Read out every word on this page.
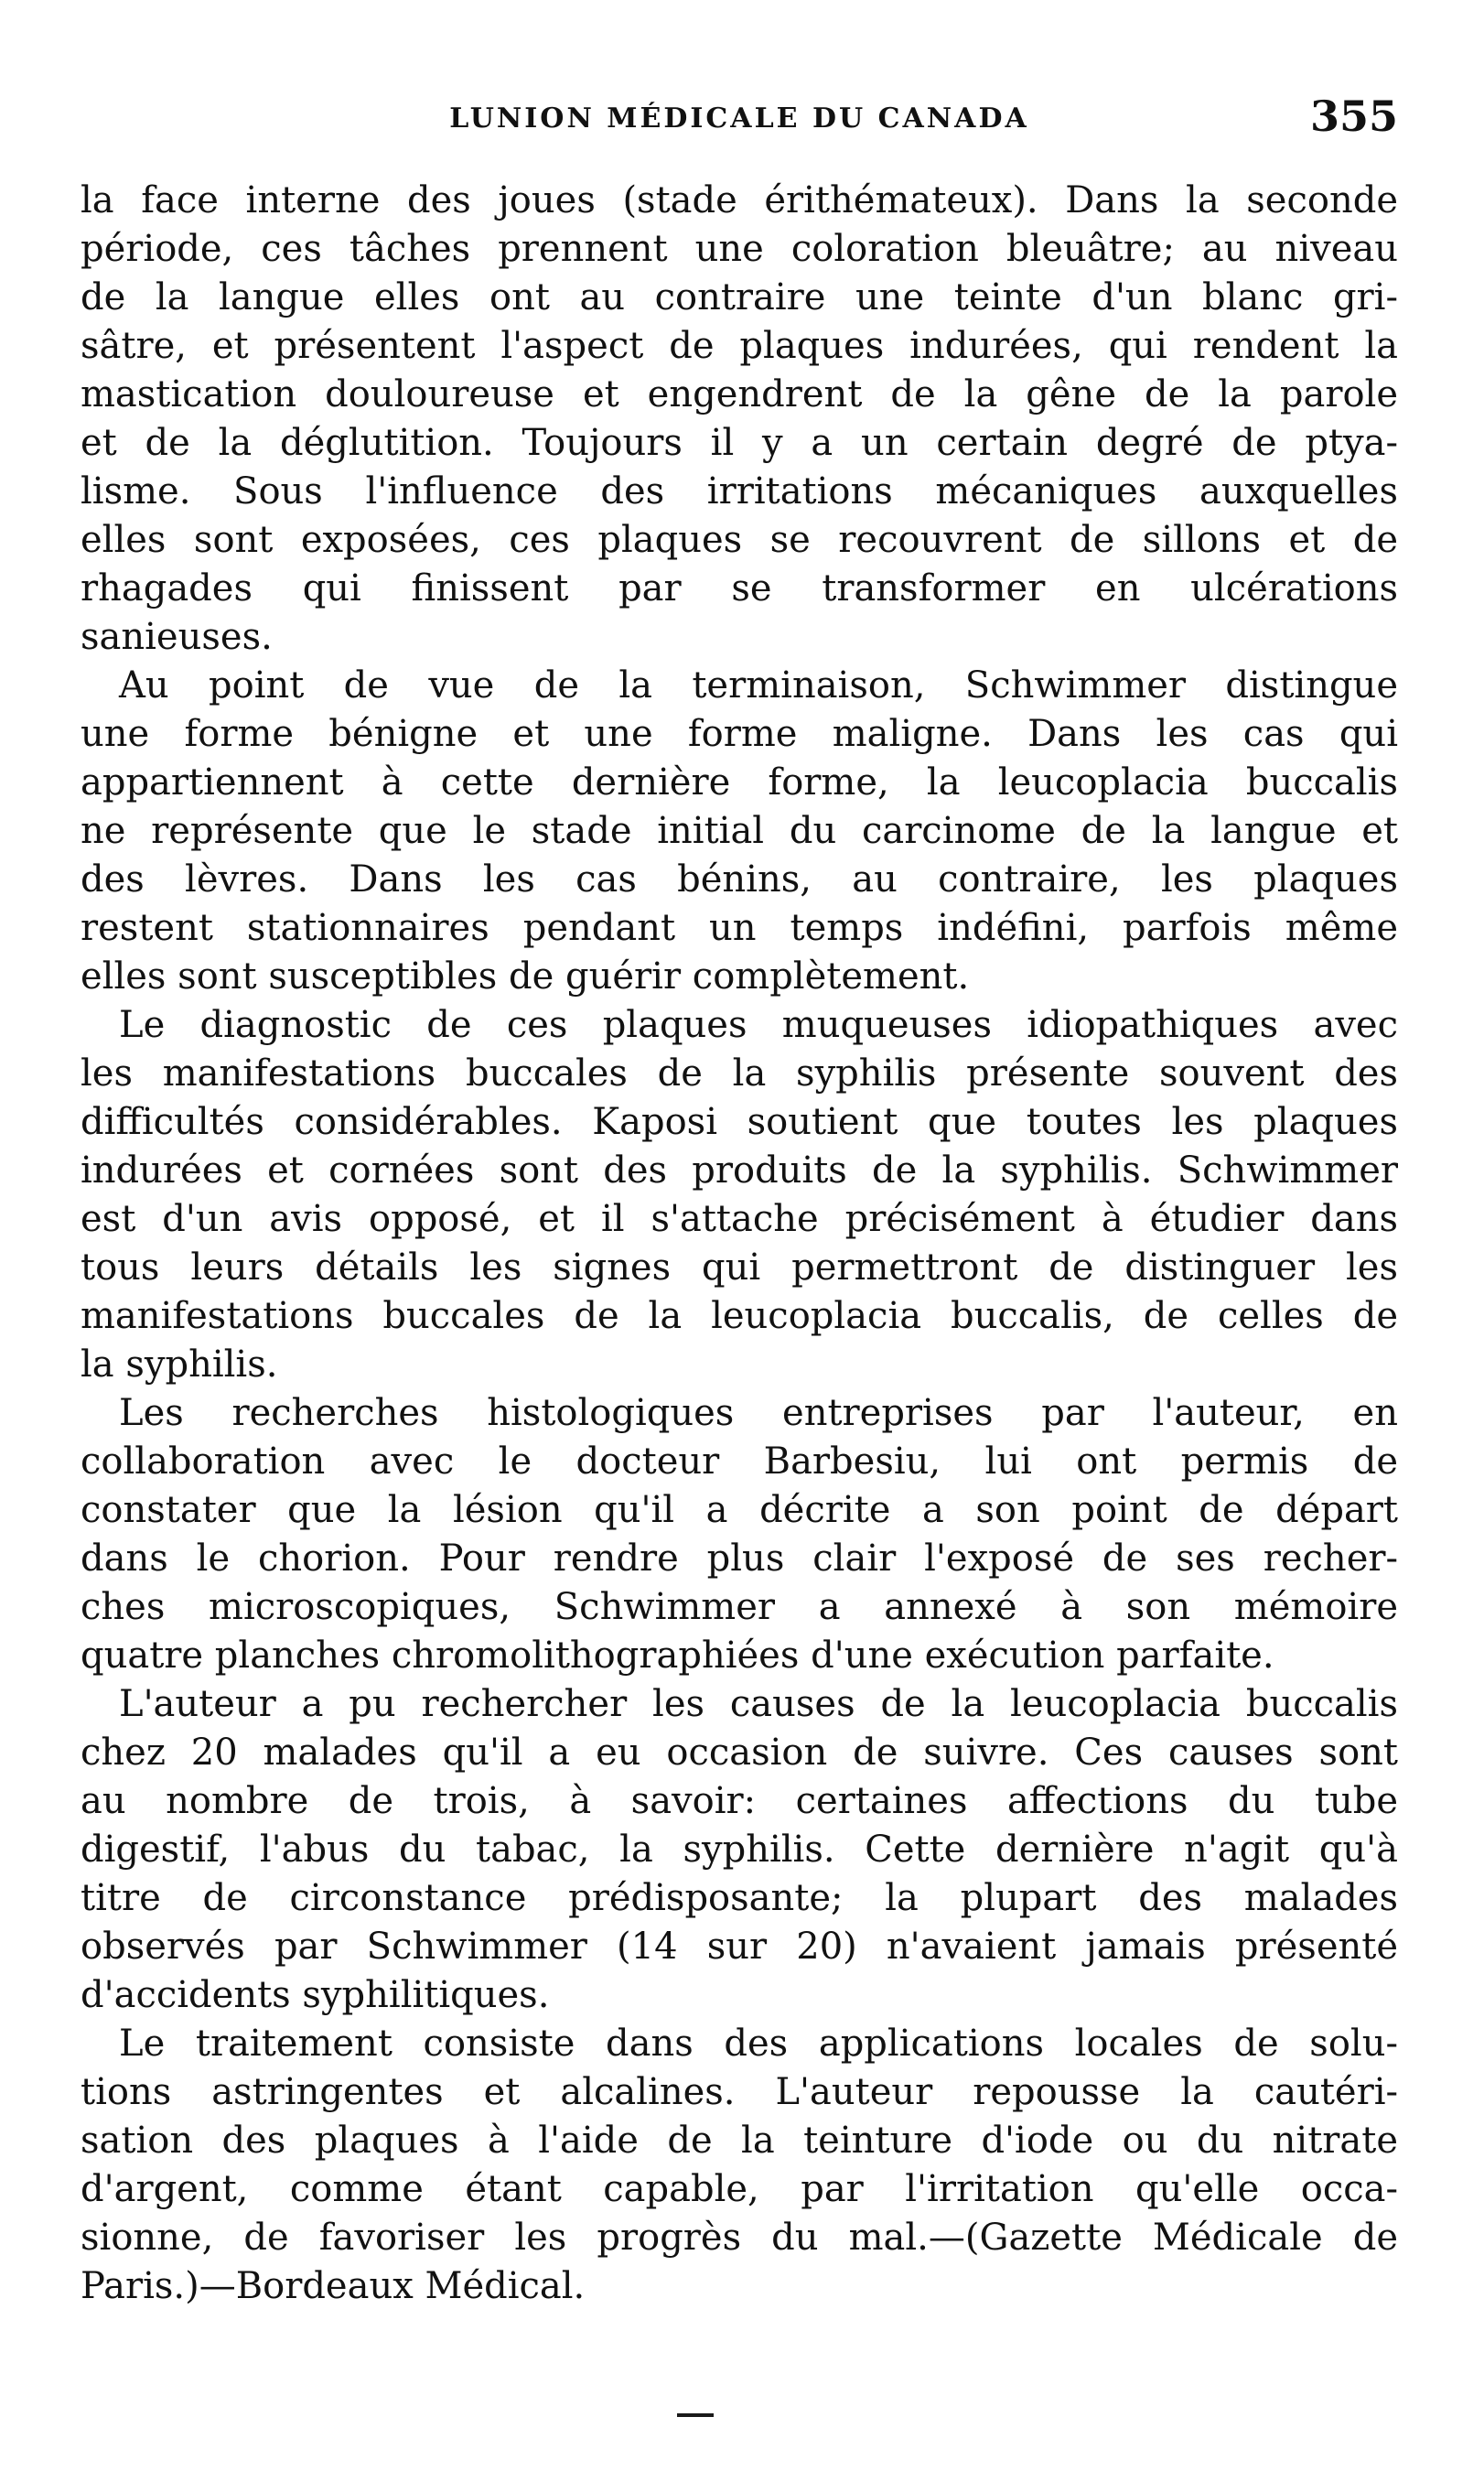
LUNION MÉDICALE DU CANADA	355
la face interne des joues (stade érithémateux). Dans la seconde
période, ces tâches prennent une coloration bleuâtre; au niveau
de la langue elles ont au contraire une teinte d'un blanc gri-
sâtre, et présentent l'aspect de plaques indurées, qui rendent la
mastication douloureuse et engendrent de la gêne de la parole
et de la déglutition. Toujours il y a un certain degré de ptya-
lisme. Sous l'influence des irritations mécaniques auxquelles
elles sont exposées, ces plaques se recouvrent de sillons et de
rhagades qui finissent par se transformer en ulcérations
sanieuses.
Au point de vue de la terminaison, Schwimmer distingue
une forme bénigne et une forme maligne. Dans les cas qui
appartiennent à cette dernière forme, la leucoplacia buccalis
ne représente que le stade initial du carcinome de la langue et
des lèvres. Dans les cas bénins, au contraire, les plaques
restent stationnaires pendant un temps indéfini, parfois même
elles sont susceptibles de guérir complètement.
Le diagnostic de ces plaques muqueuses idiopathiques avec
les manifestations buccales de la syphilis présente souvent des
difficultés considérables. Kaposi soutient que toutes les plaques
indurées et cornées sont des produits de la syphilis. Schwimmer
est d'un avis opposé, et il s'attache précisément à étudier dans
tous leurs détails les signes qui permettront de distinguer les
manifestations buccales de la leucoplacia buccalis, de celles de
la syphilis.
Les recherches histologiques entreprises par l'auteur, en
collaboration avec le docteur Barbesiu, lui ont permis de
constater que la lésion qu'il a décrite a son point de départ
dans le chorion. Pour rendre plus clair l'exposé de ses recher-
ches microscopiques, Schwimmer a annexé à son mémoire
quatre planches chromolithographiées d'une exécution parfaite.
L'auteur a pu rechercher les causes de la leucoplacia buccalis
chez 20 malades qu'il a eu occasion de suivre. Ces causes sont
au nombre de trois, à savoir: certaines affections du tube
digestif, l'abus du tabac, la syphilis. Cette dernière n'agit qu'à
titre de circonstance prédisposante; la plupart des malades
observés par Schwimmer (14 sur 20) n'avaient jamais présenté
d'accidents syphilitiques.
Le traitement consiste dans des applications locales de solu-
tions astringentes et alcalines. L'auteur repousse la cautéri-
sation des plaques à l'aide de la teinture d'iode ou du nitrate
d'argent, comme étant capable, par l'irritation qu'elle occa-
sionne, de favoriser les progrès du mal.—(Gazette Médicale de
Paris.)—Bordeaux Médical.
